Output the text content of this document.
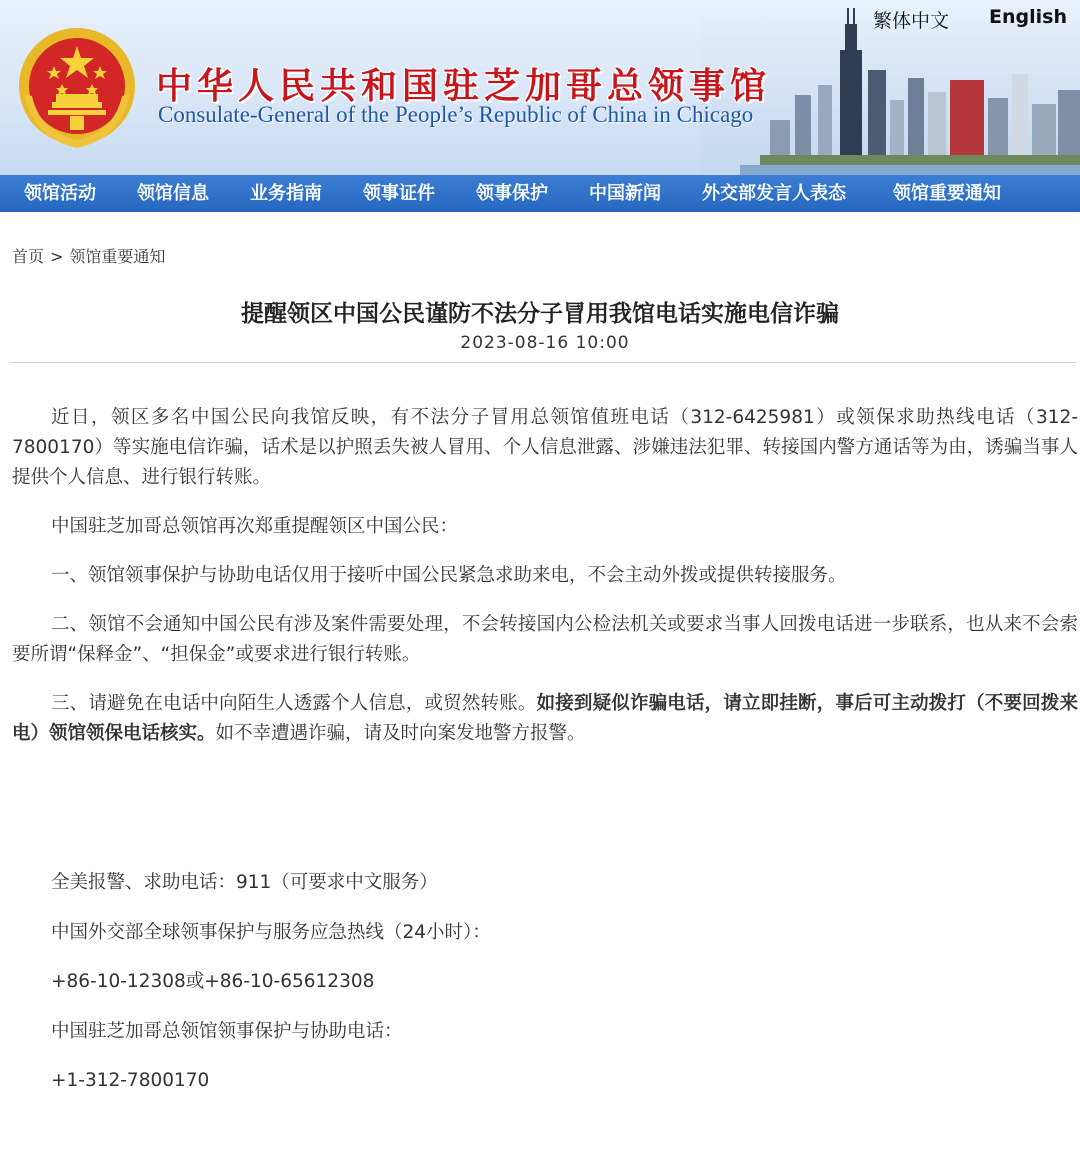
中华人民共和国驻芝加哥总领事馆
Consulate-General of the People’s Republic of China in Chicago
繁体中文 English
领馆活动 领馆信息 业务指南 领事证件 领事保护 中国新闻 外交部发言人表态	领馆重要通知
首页 > 领馆重要通知
提醒领区中国公民谨防不法分子冒用我馆电话实施电信诈骗
2023-08-16 10:00

近日，领区多名中国公民向我馆反映，有不法分子冒用总领馆值班电话（312-6425981）或领保求助热线电话（312-7800170）等实施电信诈骗，话术是以护照丢失被人冒用、个人信息泄露、涉嫌违法犯罪、转接国内警方通话等为由，诱骗当事人提供个人信息、进行银行转账。

中国驻芝加哥总领馆再次郑重提醒领区中国公民：

一、领馆领事保护与协助电话仅用于接听中国公民紧急求助来电，不会主动外拨或提供转接服务。

二、领馆不会通知中国公民有涉及案件需要处理，不会转接国内公检法机关或要求当事人回拨电话进一步联系，也从来不会索要所谓“保释金”、“担保金”或要求进行银行转账。

三、请避免在电话中向陌生人透露个人信息，或贸然转账。如接到疑似诈骗电话，请立即挂断，事后可主动拨打（不要回拨来电）领馆领保电话核实。如不幸遭遇诈骗，请及时向案发地警方报警。

全美报警、求助电话：911（可要求中文服务）
中国外交部全球领事保护与服务应急热线（24小时）：
+86-10-12308或+86-10-65612308
中国驻芝加哥总领馆领事保护与协助电话：
+1-312-7800170
